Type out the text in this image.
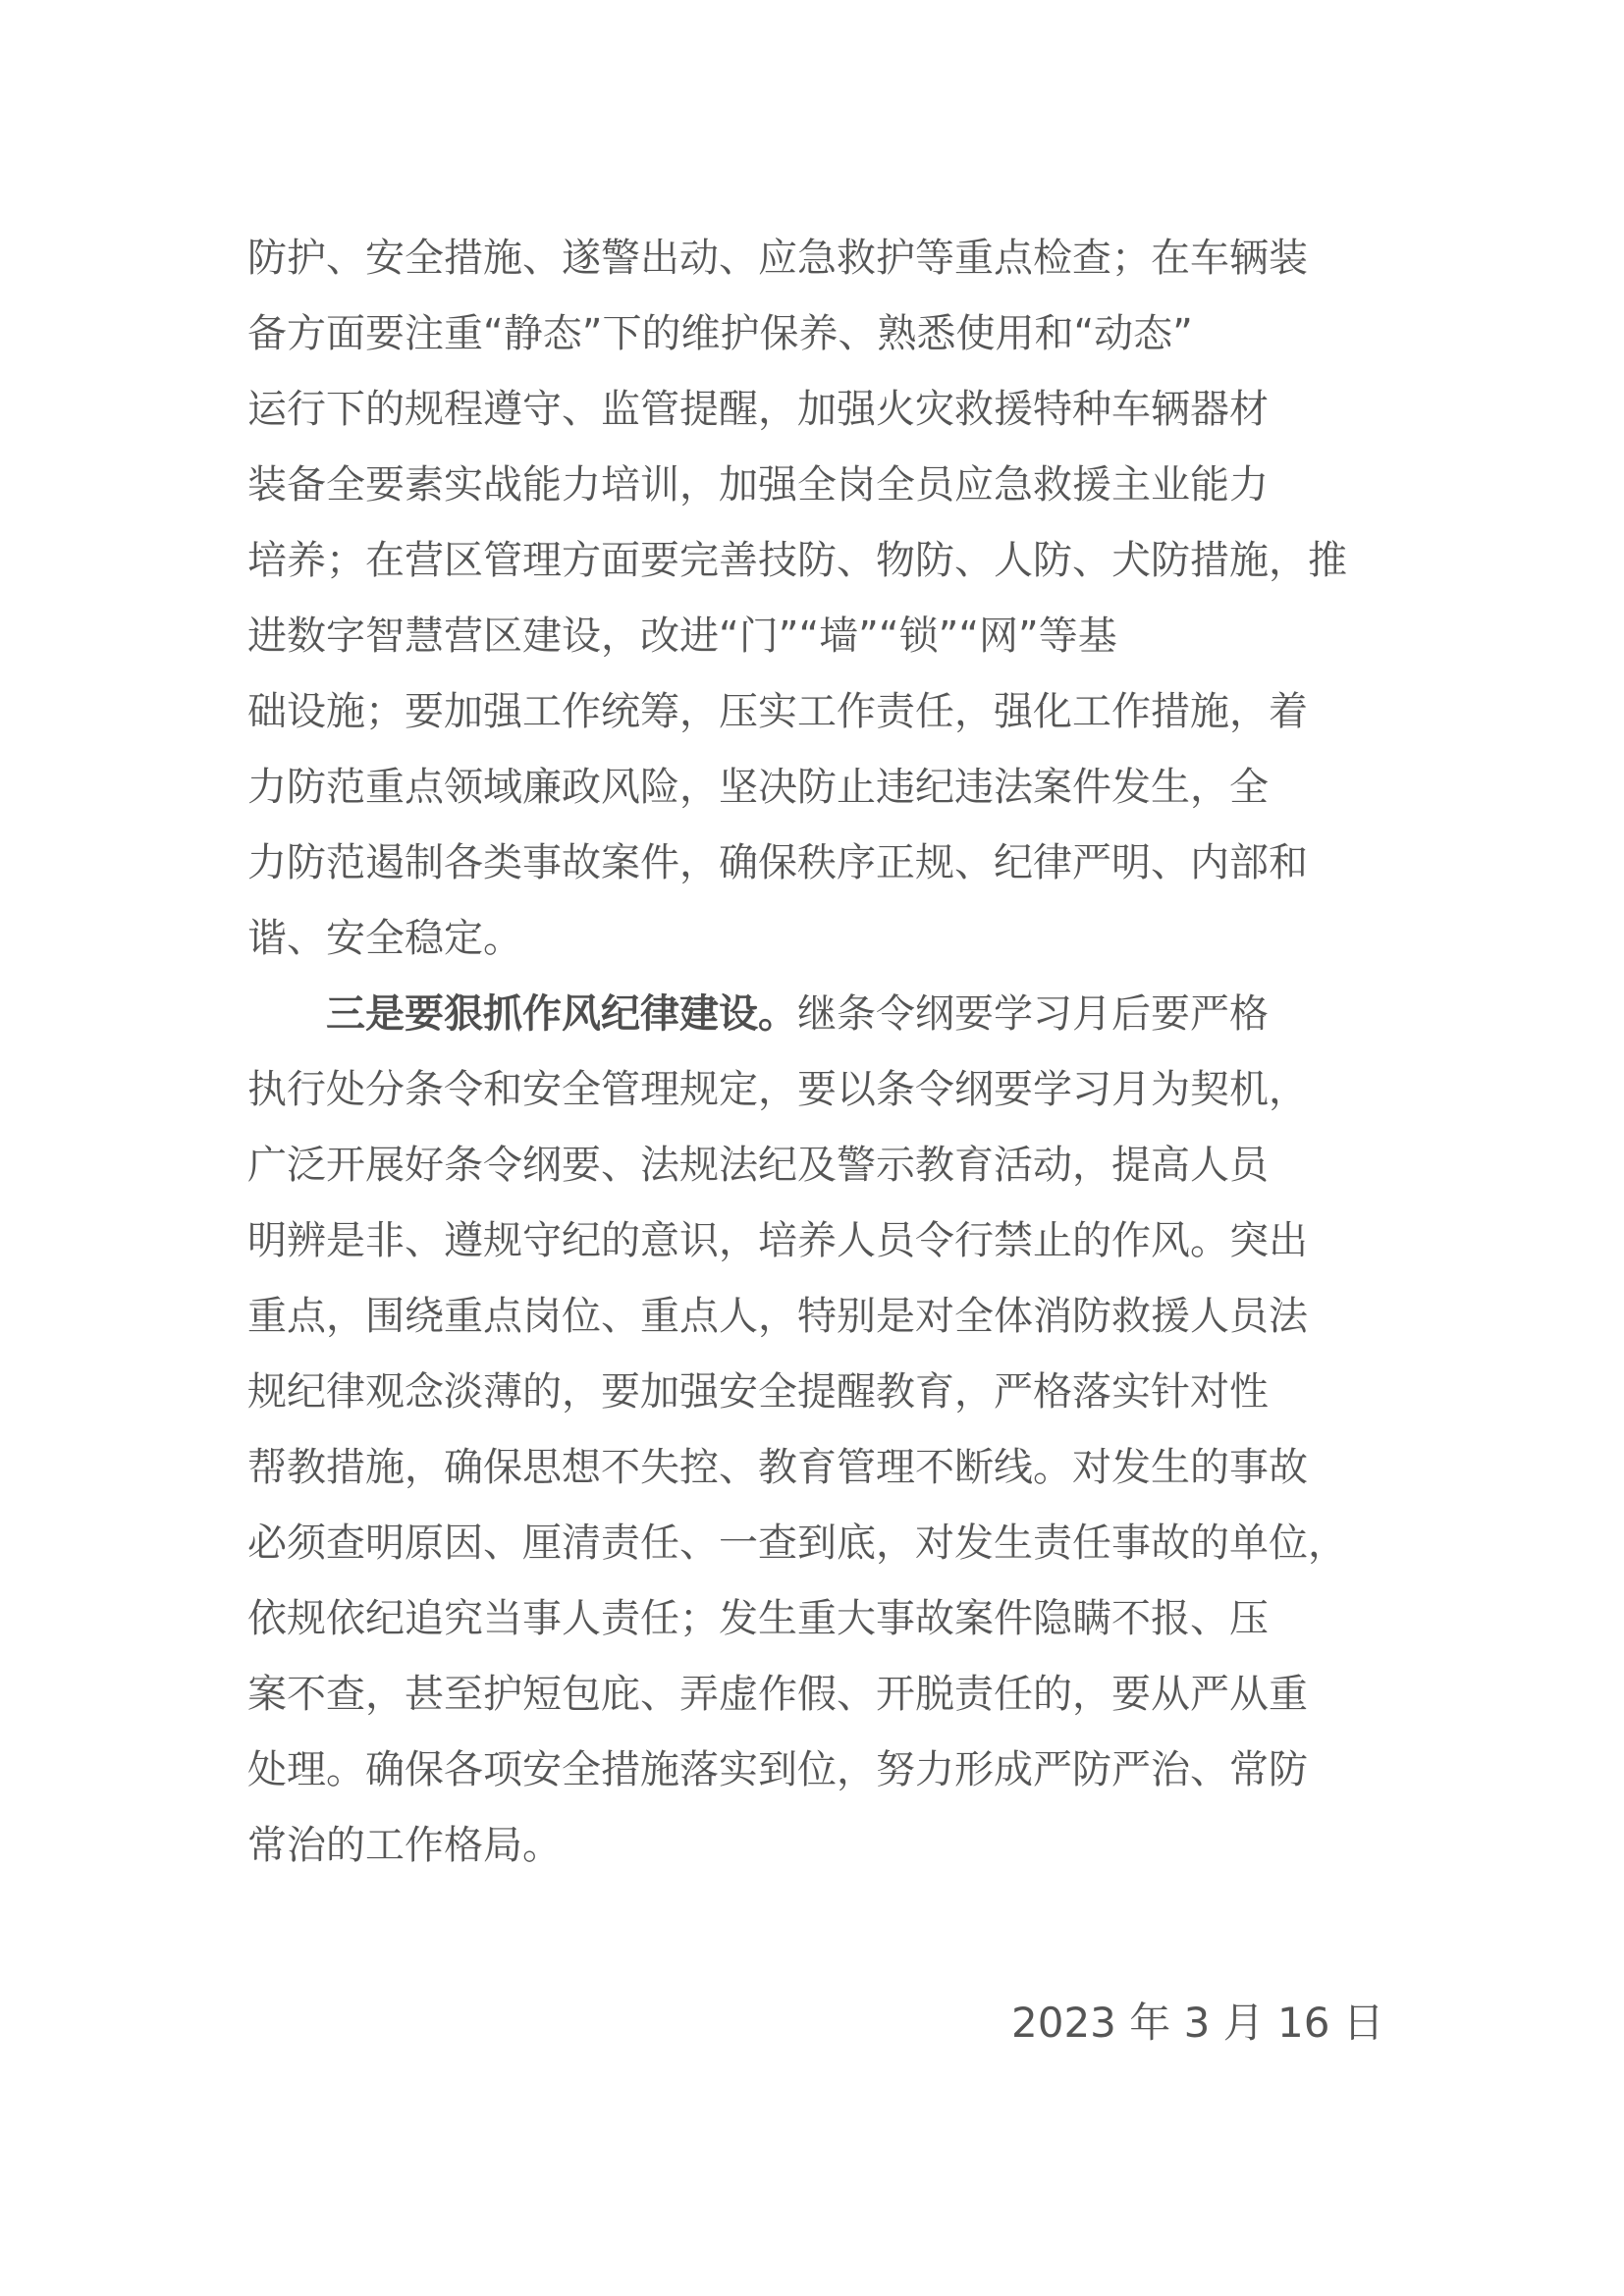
防护、安全措施、遂警出动、应急救护等重点检查；在车辆装
备方面要注重“静态”下的维护保养、熟悉使用和“动态”
运行下的规程遵守、监管提醒，加强火灾救援特种车辆器材
装备全要素实战能力培训，加强全岗全员应急救援主业能力
培养；在营区管理方面要完善技防、物防、人防、犬防措施，推
进数字智慧营区建设，改进“门”“墙”“锁”“网”等基
础设施；要加强工作统筹，压实工作责任，强化工作措施，着
力防范重点领域廉政风险，坚决防止违纪违法案件发生，全
力防范遏制各类事故案件，确保秩序正规、纪律严明、内部和
谐、安全稳定。
三是要狠抓作风纪律建设。继条令纲要学习月后要严格
执行处分条令和安全管理规定，要以条令纲要学习月为契机，
广泛开展好条令纲要、法规法纪及警示教育活动，提高人员
明辨是非、遵规守纪的意识，培养人员令行禁止的作风。突出
重点，围绕重点岗位、重点人，特别是对全体消防救援人员法
规纪律观念淡薄的，要加强安全提醒教育，严格落实针对性
帮教措施，确保思想不失控、教育管理不断线。对发生的事故
必须查明原因、厘清责任、一查到底，对发生责任事故的单位，
依规依纪追究当事人责任；发生重大事故案件隐瞒不报、压
案不查，甚至护短包庇、弄虚作假、开脱责任的，要从严从重
处理。确保各项安全措施落实到位，努力形成严防严治、常防
常治的工作格局。
2023 年 3 月 16 日
